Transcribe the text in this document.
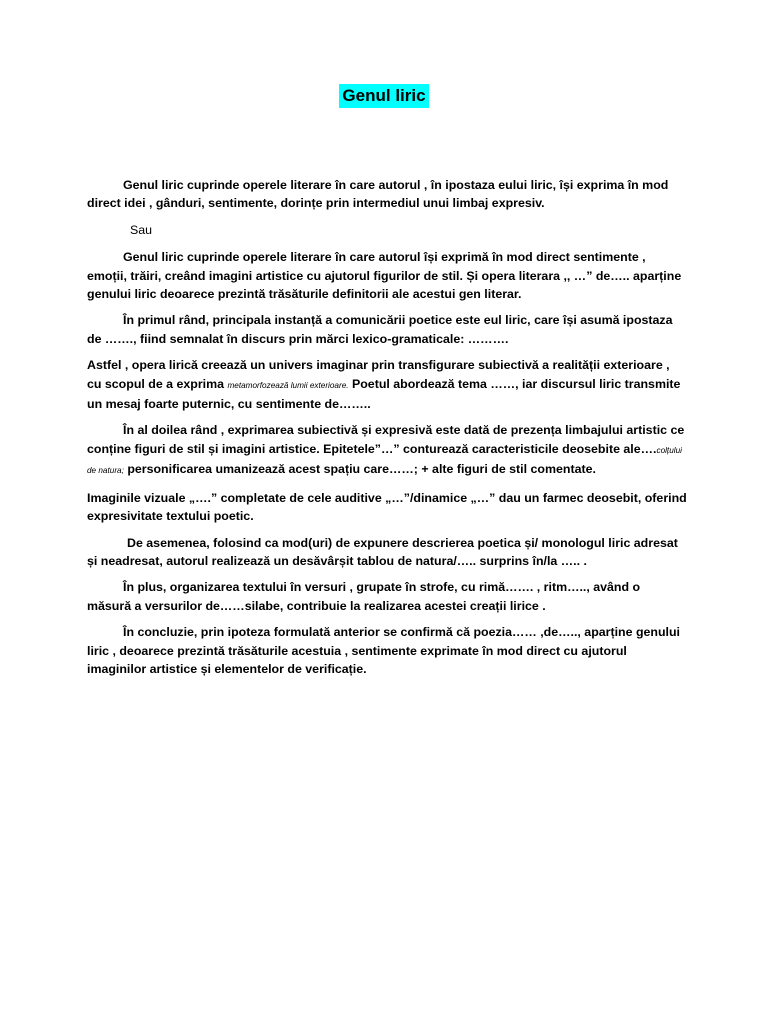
Genul liric

Genul liric cuprinde operele literare în care autorul , în ipostaza eului liric, își exprima în mod direct idei , gânduri, sentimente, dorințe prin intermediul unui limbaj expresiv.

Sau

Genul liric cuprinde operele literare în care autorul își exprimă în mod direct sentimente , emoții, trăiri, creând imagini artistice cu ajutorul figurilor de stil. Și opera literara ,, …” de….. aparține genului liric deoarece prezintă trăsăturile definitorii ale acestui gen literar.

În primul rând, principala instanță a comunicării poetice este eul liric, care își asumă ipostaza de ……., fiind semnalat în discurs prin mărci lexico-gramaticale: ……….

Astfel , opera lirică creează un univers imaginar prin transfigurare subiectivă a realității exterioare , cu scopul de a exprima metamorfozează lumii exterioare. Poetul abordează tema ……, iar discursul liric transmite un mesaj foarte puternic, cu sentimente de……..

În al doilea rând , exprimarea subiectivă și expresivă este dată de prezența limbajului artistic ce conține figuri de stil și imagini artistice. Epitetele”…” conturează caracteristicile deosebite ale….colțului de natura; personificarea umanizează acest spațiu care……; + alte figuri de stil comentate.

Imaginile vizuale „….” completate de cele auditive „…”/dinamice „…” dau un farmec deosebit, oferind expresivitate textului poetic.

De asemenea, folosind ca mod(uri) de expunere descrierea poetica și/ monologul liric adresat și neadresat, autorul realizează un desăvârșit tablou de natura/….. surprins în/la ….. .

În plus, organizarea textului în versuri , grupate în strofe, cu rimă……. , ritm….., având o măsură a versurilor de……silabe, contribuie la realizarea acestei creații lirice .

În concluzie, prin ipoteza formulată anterior se confirmă că poezia…… ,de….., aparține genului liric , deoarece prezintă trăsăturile acestuia , sentimente exprimate în mod direct cu ajutorul imaginilor artistice și elementelor de verificație.
